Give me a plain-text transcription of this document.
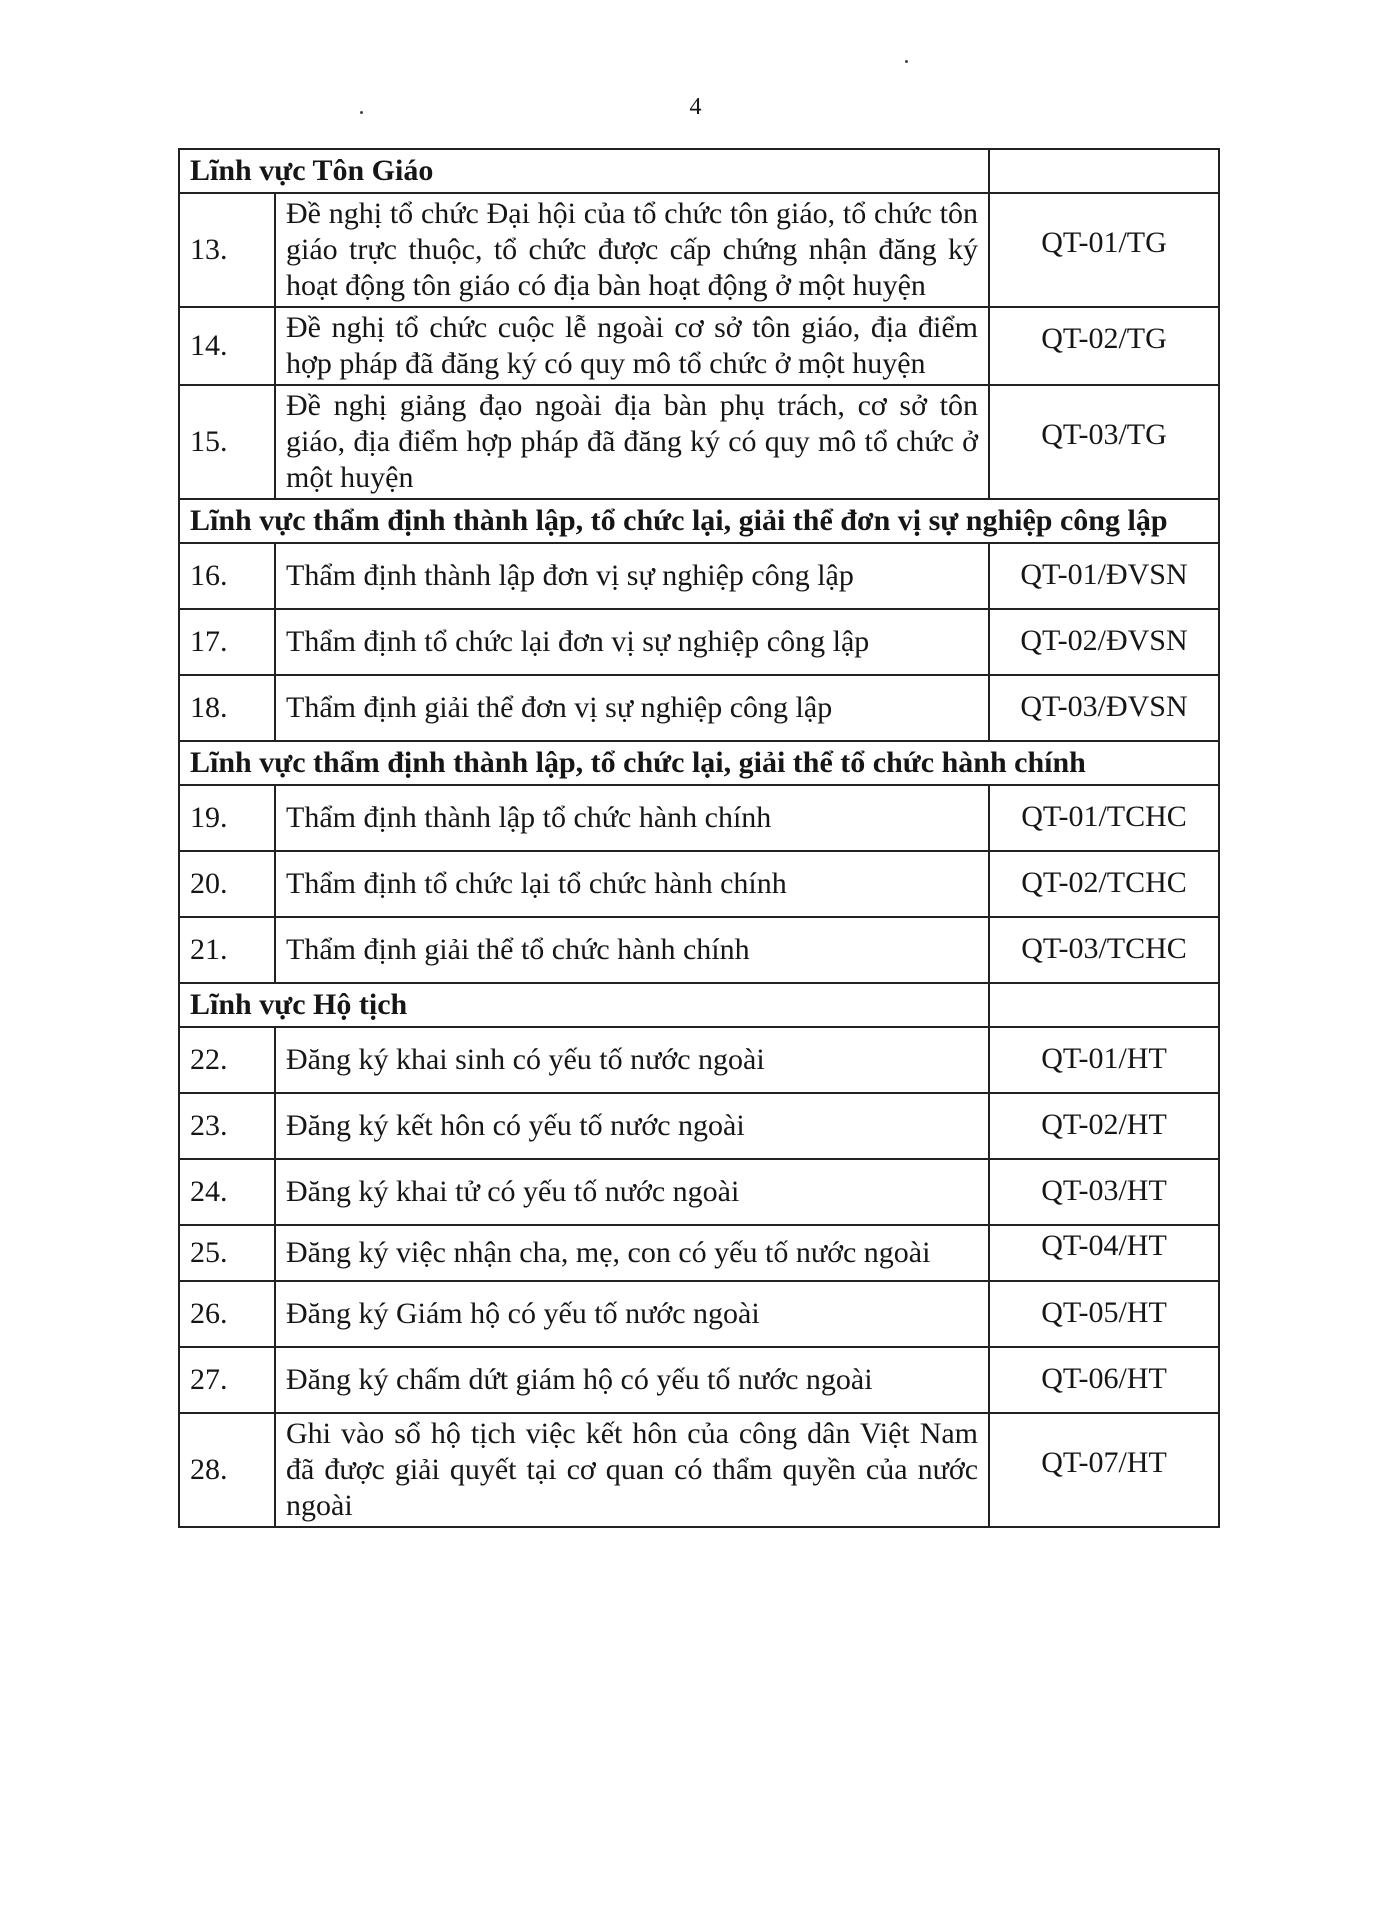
4
Lĩnh vực Tôn Giáo		
13.	Đề nghị tổ chức Đại hội của tổ chức tôn giáo, tổ chức tôn giáo trực thuộc, tổ chức được cấp chứng nhận đăng ký hoạt động tôn giáo có địa bàn hoạt động ở một huyện	QT-01/TG
14.	Đề nghị tổ chức cuộc lễ ngoài cơ sở tôn giáo, địa điểm hợp pháp đã đăng ký có quy mô tổ chức ở một huyện	QT-02/TG
15.	Đề nghị giảng đạo ngoài địa bàn phụ trách, cơ sở tôn giáo, địa điểm hợp pháp đã đăng ký có quy mô tổ chức ở một huyện	QT-03/TG
Lĩnh vực thẩm định thành lập, tổ chức lại, giải thể đơn vị sự nghiệp công lập		
16.	Thẩm định thành lập đơn vị sự nghiệp công lập	QT-01/ĐVSN
17.	Thẩm định tổ chức lại đơn vị sự nghiệp công lập	QT-02/ĐVSN
18.	Thẩm định giải thể đơn vị sự nghiệp công lập	QT-03/ĐVSN
Lĩnh vực thẩm định thành lập, tổ chức lại, giải thể tổ chức hành chính		
19.	Thẩm định thành lập tổ chức hành chính	QT-01/TCHC
20.	Thẩm định tổ chức lại tổ chức hành chính	QT-02/TCHC
21.	Thẩm định giải thể tổ chức hành chính	QT-03/TCHC
Lĩnh vực Hộ tịch		
22.	Đăng ký khai sinh có yếu tố nước ngoài	QT-01/HT
23.	Đăng ký kết hôn có yếu tố nước ngoài	QT-02/HT
24.	Đăng ký khai tử có yếu tố nước ngoài	QT-03/HT
25.	Đăng ký việc nhận cha, mẹ, con có yếu tố nước ngoài	QT-04/HT
26.	Đăng ký Giám hộ có yếu tố nước ngoài	QT-05/HT
27.	Đăng ký chấm dứt giám hộ có yếu tố nước ngoài	QT-06/HT
28.	Ghi vào sổ hộ tịch việc kết hôn của công dân Việt Nam đã được giải quyết tại cơ quan có thẩm quyền của nước ngoài	QT-07/HT
